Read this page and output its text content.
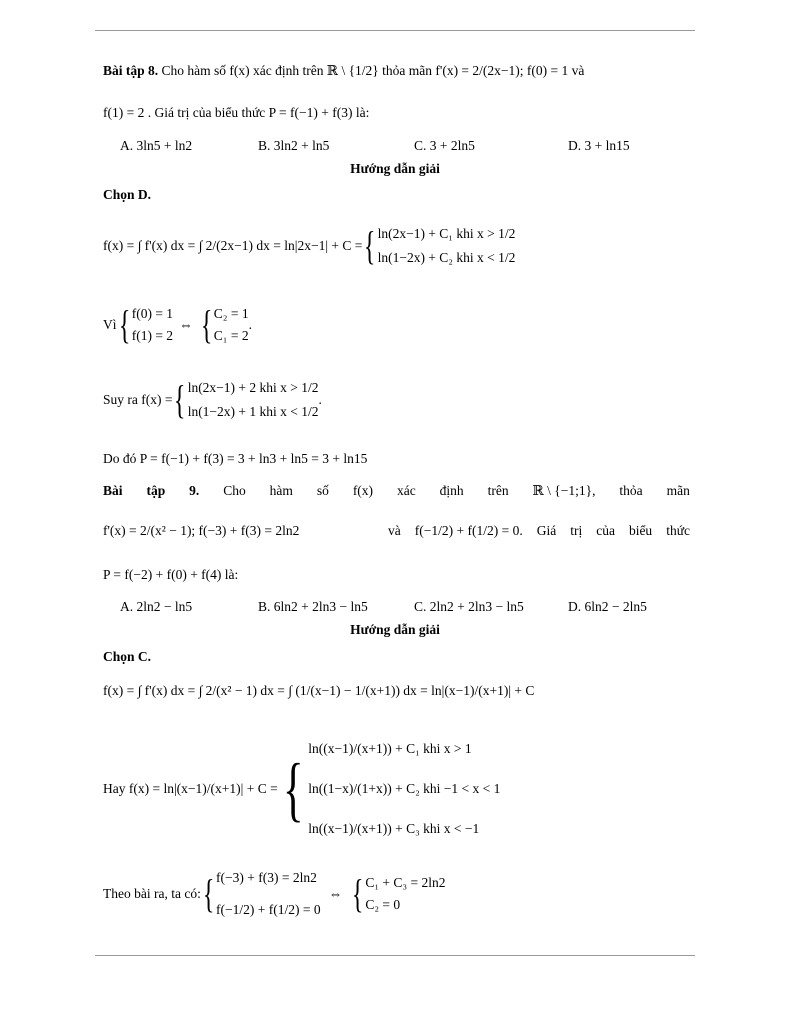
Bài tập 8. Cho hàm số f(x) xác định trên ℝ \ {1/2} thỏa mãn f'(x) = 2/(2x−1); f(0) = 1 và
f(1) = 2 . Giá trị của biểu thức P = f(−1) + f(3) là:
A. 3ln5 + ln2	B. 3ln2 + ln5	C. 3 + 2ln5	D. 3 + ln15
Hướng dẫn giải
Chọn D.
f(x) = ∫ f'(x) dx = ∫ 2/(2x−1) dx = ln|2x−1| + C = { ln(2x−1) + C₁ khi x > 1/2
ln(1−2x) + C₂ khi x < 1/2
Vì { f(0) = 1
f(1) = 2
⇔ { C₂ = 1
C₁ = 2
.
Suy ra f(x) = { ln(2x−1) + 2 khi x > 1/2
ln(1−2x) + 1 khi x < 1/2
.
Do đó P = f(−1) + f(3) = 3 + ln3 + ln5 = 3 + ln15
Bài tập 9. Cho hàm số f(x) xác định trên ℝ \ {−1;1}, thỏa mãn
f'(x) = 2/(x² − 1); f(−3) + f(3) = 2ln2	và f(−1/2) + f(1/2) = 0. Giá trị của biểu thức
P = f(−2) + f(0) + f(4) là:
A. 2ln2 − ln5	B. 6ln2 + 2ln3 − ln5	C. 2ln2 + 2ln3 − ln5	D. 6ln2 − 2ln5
Hướng dẫn giải
Chọn C.
f(x) = ∫ f'(x) dx = ∫ 2/(x² − 1) dx = ∫ (1/(x−1) − 1/(x+1)) dx = ln|(x−1)/(x+1)| + C
Hay f(x) = ln|(x−1)/(x+1)| + C = {
ln((x−1)/(x+1)) + C₁ khi x > 1
ln((1−x)/(1+x)) + C₂ khi −1 < x < 1
ln((x−1)/(x+1)) + C₃ khi x < −1
Theo bài ra, ta có: { f(−3) + f(3) = 2ln2
f(−1/2) + f(1/2) = 0
⇔ { C₁ + C₃ = 2ln2
C₂ = 0
